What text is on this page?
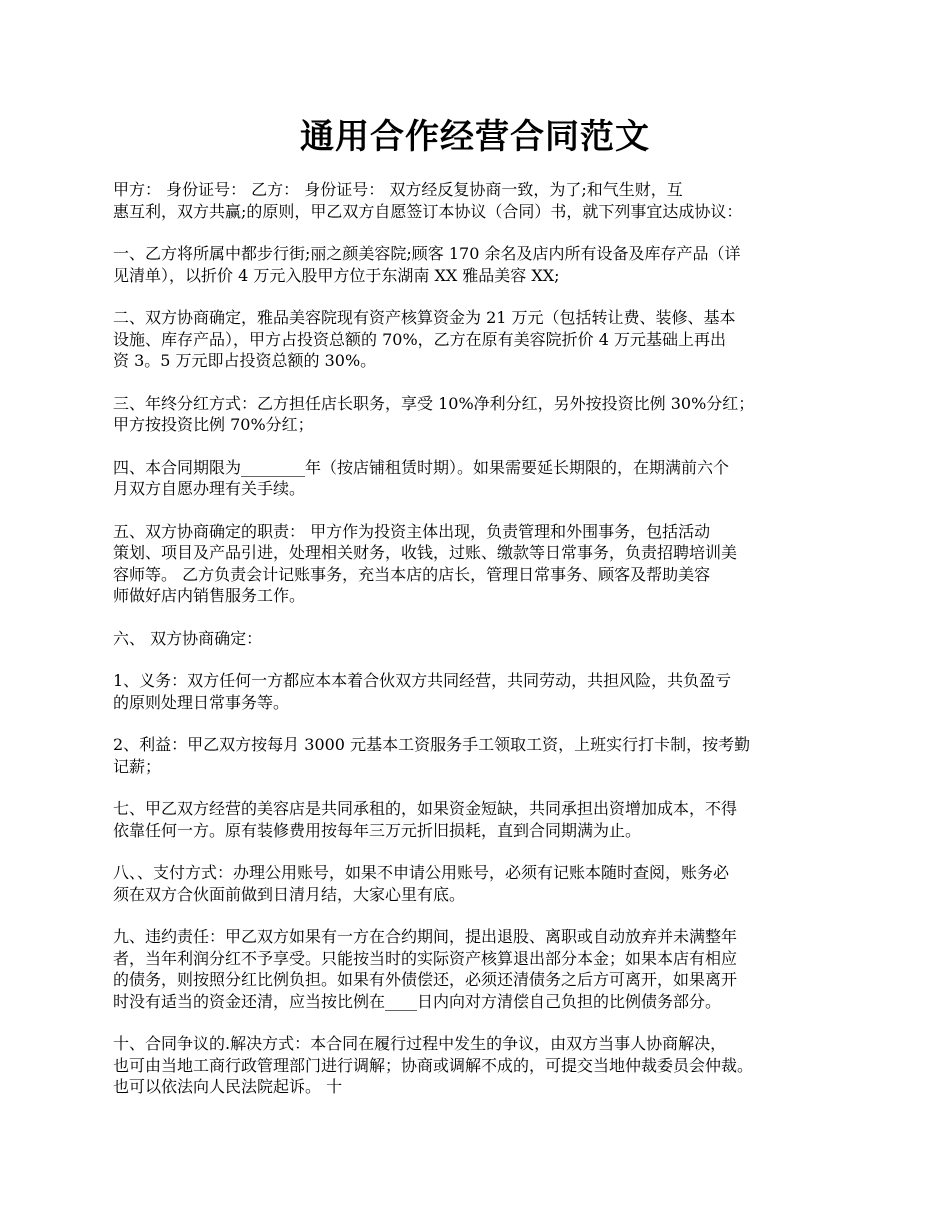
通用合作经营合同范文
甲方： 身份证号： 乙方： 身份证号： 双方经反复协商一致，为了;和气生财，互
惠互利，双方共赢;的原则，甲乙双方自愿签订本协议（合同）书，就下列事宜达成协议：
一、乙方将所属中都步行街;丽之颜美容院;顾客 170 余名及店内所有设备及库存产品（详
见清单），以折价 4 万元入股甲方位于东湖南 XX 雅品美容 XX;
二、双方协商确定，雅品美容院现有资产核算资金为 21 万元（包括转让费、装修、基本
设施、库存产品），甲方占投资总额的 70%，乙方在原有美容院折价 4 万元基础上再出
资 3。5 万元即占投资总额的 30%。
三、年终分红方式：乙方担任店长职务，享受 10%净利分红，另外按投资比例 30%分红；
甲方按投资比例 70%分红；
四、本合同期限为________年（按店铺租赁时期）。如果需要延长期限的，在期满前六个
月双方自愿办理有关手续。
五、双方协商确定的职责： 甲方作为投资主体出现，负责管理和外围事务，包括活动
策划、项目及产品引进，处理相关财务，收钱，过账、缴款等日常事务，负责招聘培训美
容师等。 乙方负责会计记账事务，充当本店的店长，管理日常事务、顾客及帮助美容
师做好店内销售服务工作。
六、 双方协商确定：
1、义务：双方任何一方都应本本着合伙双方共同经营，共同劳动，共担风险，共负盈亏
的原则处理日常事务等。
2、利益：甲乙双方按每月 3000 元基本工资服务手工领取工资，上班实行打卡制，按考勤
记薪；
七、甲乙双方经营的美容店是共同承租的，如果资金短缺，共同承担出资增加成本，不得
依靠任何一方。原有装修费用按每年三万元折旧损耗，直到合同期满为止。
八、、支付方式：办理公用账号，如果不申请公用账号，必须有记账本随时查阅，账务必
须在双方合伙面前做到日清月结，大家心里有底。
九、违约责任：甲乙双方如果有一方在合约期间，提出退股、离职或自动放弃并未满整年
者，当年利润分红不予享受。只能按当时的实际资产核算退出部分本金；如果本店有相应
的债务，则按照分红比例负担。如果有外债偿还，必须还清债务之后方可离开，如果离开
时没有适当的资金还清，应当按比例在____日内向对方清偿自己负担的比例债务部分。
十、合同争议的.解决方式：本合同在履行过程中发生的争议，由双方当事人协商解决，
也可由当地工商行政管理部门进行调解；协商或调解不成的，可提交当地仲裁委员会仲裁。
也可以依法向人民法院起诉。 十
